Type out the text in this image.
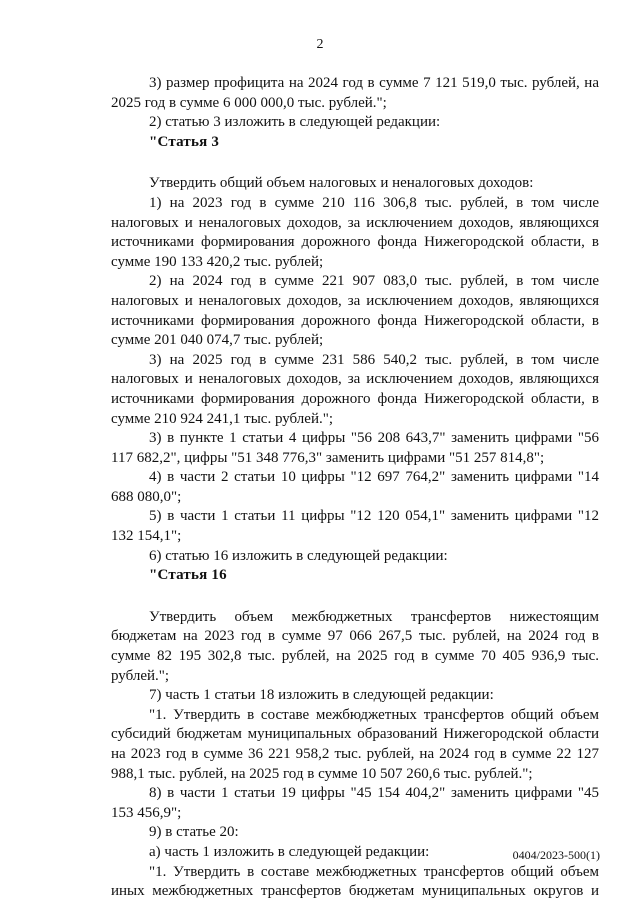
2

3) размер профицита на 2024 год в сумме 7 121 519,0 тыс. рублей, на 2025 год в сумме 6 000 000,0 тыс. рублей.";

2) статью 3 изложить в следующей редакции:

"Статья 3

Утвердить общий объем налоговых и неналоговых доходов:

1) на 2023 год в сумме 210 116 306,8 тыс. рублей, в том числе налоговых и неналоговых доходов, за исключением доходов, являющихся источниками формирования дорожного фонда Нижегородской области, в сумме 190 133 420,2 тыс. рублей;

2) на 2024 год в сумме 221 907 083,0 тыс. рублей, в том числе налоговых и неналоговых доходов, за исключением доходов, являющихся источниками формирования дорожного фонда Нижегородской области, в сумме 201 040 074,7 тыс. рублей;

3) на 2025 год в сумме 231 586 540,2 тыс. рублей, в том числе налоговых и неналоговых доходов, за исключением доходов, являющихся источниками формирования дорожного фонда Нижегородской области, в сумме 210 924 241,1 тыс. рублей.";

3) в пункте 1 статьи 4 цифры "56 208 643,7" заменить цифрами "56 117 682,2", цифры "51 348 776,3" заменить цифрами "51 257 814,8";

4) в части 2 статьи 10 цифры "12 697 764,2" заменить цифрами "14 688 080,0";

5) в части 1 статьи 11 цифры "12 120 054,1" заменить цифрами "12 132 154,1";

6) статью 16 изложить в следующей редакции:

"Статья 16

Утвердить объем межбюджетных трансфертов нижестоящим бюджетам на 2023 год в сумме 97 066 267,5 тыс. рублей, на 2024 год в сумме 82 195 302,8 тыс. рублей, на 2025 год в сумме 70 405 936,9 тыс. рублей.";

7) часть 1 статьи 18 изложить в следующей редакции:

"1. Утвердить в составе межбюджетных трансфертов общий объем субсидий бюджетам муниципальных образований Нижегородской области на 2023 год в сумме 36 221 958,2 тыс. рублей, на 2024 год в сумме 22 127 988,1 тыс. рублей, на 2025 год в сумме 10 507 260,6 тыс. рублей.";

8) в части 1 статьи 19 цифры "45 154 404,2" заменить цифрами "45 153 456,9";

9) в статье 20:

а) часть 1 изложить в следующей редакции:

"1. Утвердить в составе межбюджетных трансфертов общий объем иных межбюджетных трансфертов бюджетам муниципальных округов и

0404/2023-500(1)
